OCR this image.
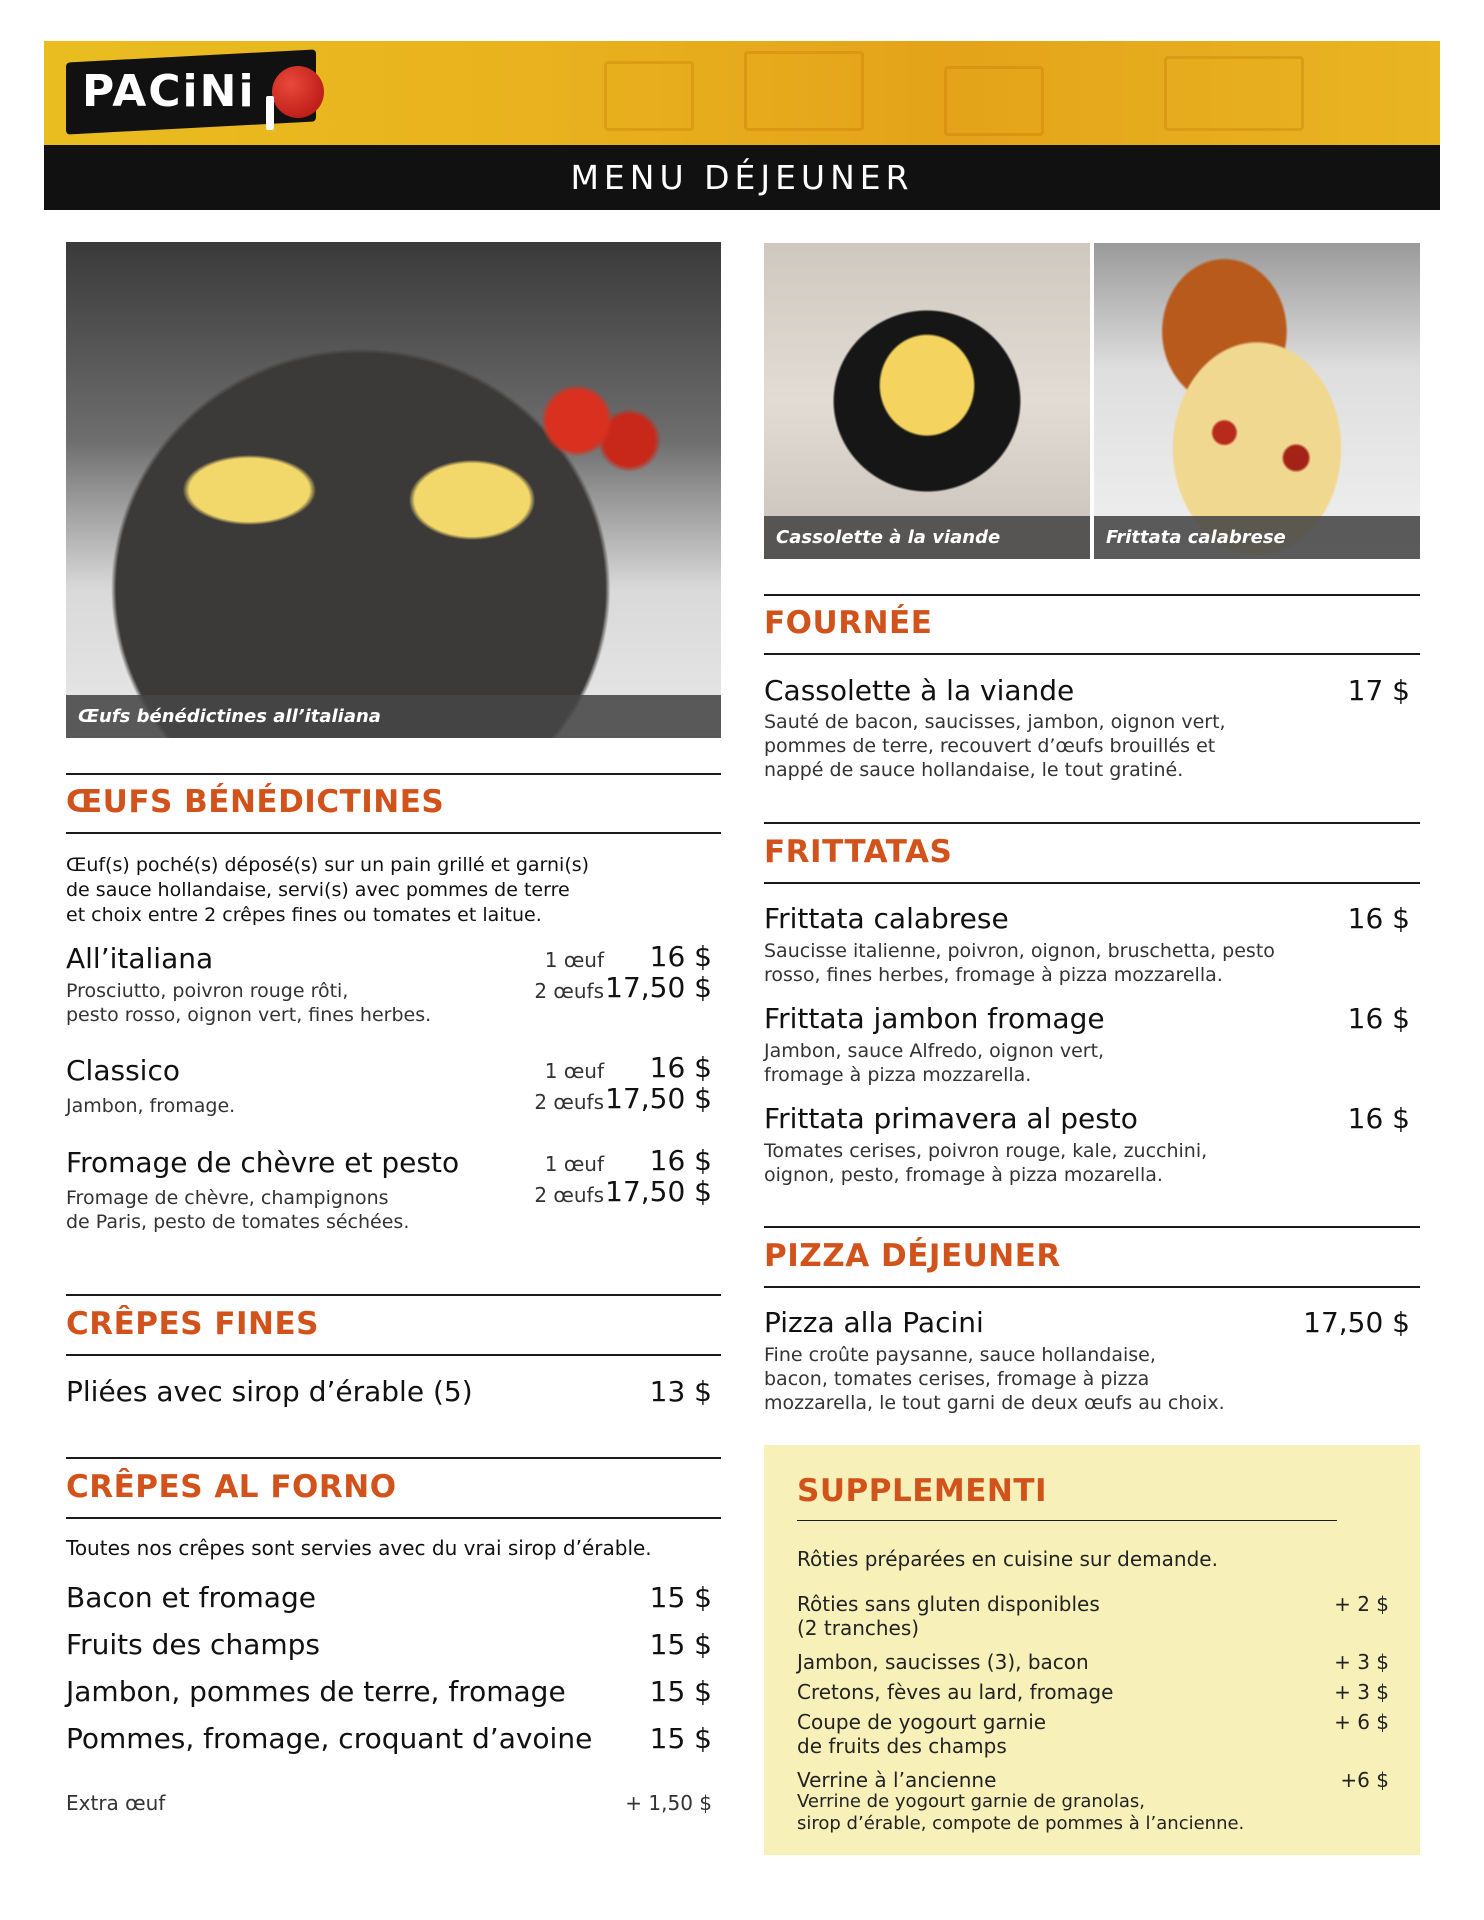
PACiNi
MENU DÉJEUNER
Œufs bénédictines all’italiana
Cassolette à la viande	Frittata calabrese
ŒUFS BÉNÉDICTINES
Œuf(s) poché(s) déposé(s) sur un pain grillé et garni(s)
de sauce hollandaise, servi(s) avec pommes de terre
et choix entre 2 crêpes fines ou tomates et laitue.
All’italiana
Prosciutto, poivron rouge rôti,
pesto rosso, oignon vert, fines herbes.
1 œuf 16 $
2 œufs 17,50 $
Classico
Jambon, fromage.
1 œuf 16 $
2 œufs 17,50 $
Fromage de chèvre et pesto
Fromage de chèvre, champignons
de Paris, pesto de tomates séchées.
1 œuf 16 $
2 œufs 17,50 $
CRÊPES FINES
Pliées avec sirop d’érable (5)	13 $
CRÊPES AL FORNO
Toutes nos crêpes sont servies avec du vrai sirop d’érable.
Bacon et fromage	15 $
Fruits des champs	15 $
Jambon, pommes de terre, fromage	15 $
Pommes, fromage, croquant d’avoine 15 $
Extra œuf	+ 1,50 $
FOURNÉE
Cassolette à la viande	17 $
Sauté de bacon, saucisses, jambon, oignon vert,
pommes de terre, recouvert d’œufs brouillés et
nappé de sauce hollandaise, le tout gratiné.
FRITTATAS
Frittata calabrese	16 $
Saucisse italienne, poivron, oignon, bruschetta, pesto
rosso, fines herbes, fromage à pizza mozzarella.
Frittata jambon fromage	16 $
Jambon, sauce Alfredo, oignon vert,
fromage à pizza mozzarella.
Frittata primavera al pesto	16 $
Tomates cerises, poivron rouge, kale, zucchini,
oignon, pesto, fromage à pizza mozarella.
PIZZA DÉJEUNER
Pizza alla Pacini	17,50 $
Fine croûte paysanne, sauce hollandaise,
bacon, tomates cerises, fromage à pizza
mozzarella, le tout garni de deux œufs au choix.
SUPPLEMENTI
Rôties préparées en cuisine sur demande.
Rôties sans gluten disponibles
(2 tranches)
+ 2 $
Jambon, saucisses (3), bacon	+ 3 $
Cretons, fèves au lard, fromage	+ 3 $
Coupe de yogourt garnie
de fruits des champs
+ 6 $
Verrine à l’ancienne	+6 $
Verrine de yogourt garnie de granolas,
sirop d’érable, compote de pommes à l’ancienne.
